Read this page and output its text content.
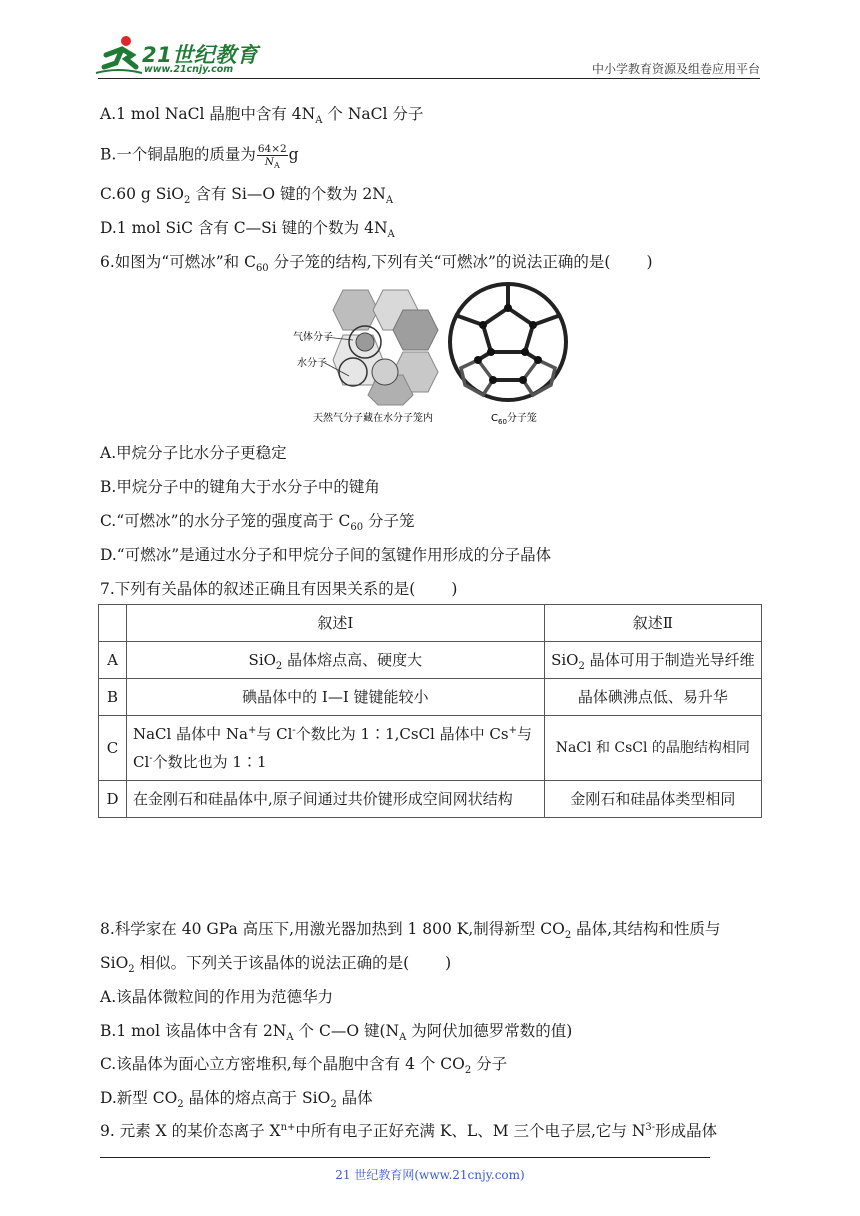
21世纪教育
www.21cnjy.com	中小学教育资源及组卷应用平台
A.1 mol NaCl 晶胞中含有 $4N_A$ 个 NaCl 分子
B.一个铜晶胞的质量为 $\frac{64\times 2}{N_A}$ g
C.60 g SiO$_2$ 含有 Si—O 键的个数为 $2N_A$
D.1 mol SiC 含有 C—Si 键的个数为 $4N_A$
6.如图为“可燃冰”和 $C_{60}$ 分子笼的结构,下列有关“可燃冰”的说法正确的是( )
气体分子
水分子
天然气分子藏在水分子笼内	$C_{60}$分子笼
A.甲烷分子比水分子更稳定
B.甲烷分子中的键角大于水分子中的键角
C.“可燃冰”的水分子笼的强度高于 $C_{60}$ 分子笼
D.“可燃冰”是通过水分子和甲烷分子间的氢键作用形成的分子晶体
7.下列有关晶体的叙述正确且有因果关系的是( )
	叙述Ⅰ	叙述Ⅱ
A	SiO$_2$ 晶体熔点高、硬度大	SiO$_2$ 晶体可用于制造光导纤维
B	碘晶体中的 I—I 键键能较小	晶体碘沸点低、易升华
C	NaCl 晶体中 Na+与 Cl-个数比为 1∶1,CsCl 晶体中 Cs+与 Cl-个数比也为 1∶1	NaCl 和 CsCl 的晶胞结构相同
D	在金刚石和硅晶体中,原子间通过共价键形成空间网状结构	金刚石和硅晶体类型相同
8.科学家在 40 GPa 高压下,用激光器加热到 1 800 K,制得新型 $CO_2$ 晶体,其结构和性质与
SiO$_2$ 相似。下列关于该晶体的说法正确的是( )
A.该晶体微粒间的作用为范德华力
B.1 mol 该晶体中含有 $2N_A$ 个 C—O 键($N_A$ 为阿伏加德罗常数的值)
C.该晶体为面心立方密堆积,每个晶胞中含有 4 个 $CO_2$ 分子
D.新型 $CO_2$ 晶体的熔点高于 SiO$_2$ 晶体
9. 元素 X 的某价态离子 $X^{n+}$中所有电子正好充满 K、L、M 三个电子层,它与 $N^{3-}$形成晶体
21 世纪教育网(www.21cnjy.com)
